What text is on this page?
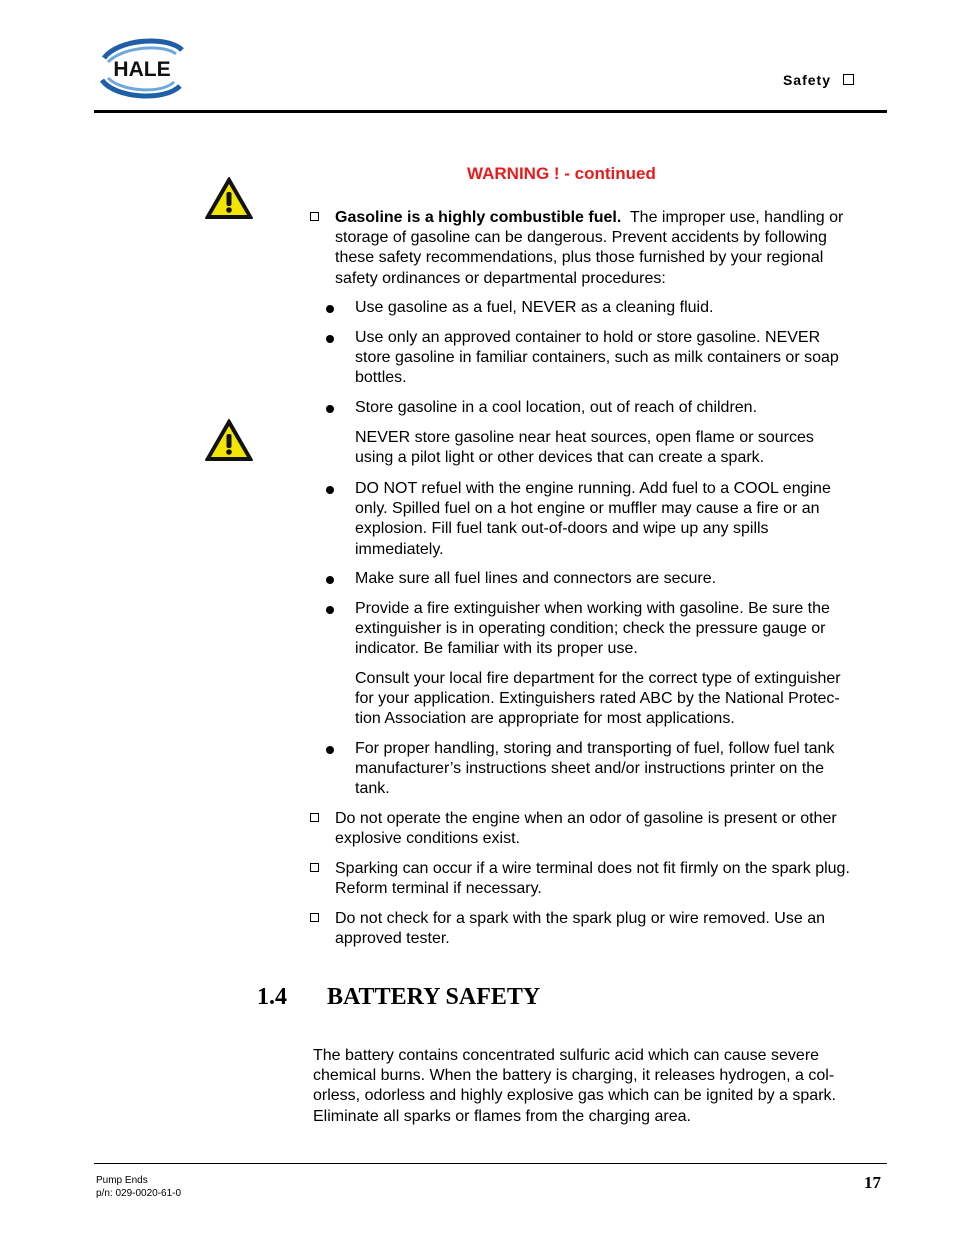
HALE	Safety
WARNING ! - continued
Gasoline is a highly combustible fuel. The improper use, handling or
storage of gasoline can be dangerous. Prevent accidents by following
these safety recommendations, plus those furnished by your regional
safety ordinances or departmental procedures:
Use gasoline as a fuel, NEVER as a cleaning fluid.
Use only an approved container to hold or store gasoline. NEVER
store gasoline in familiar containers, such as milk containers or soap
bottles.
Store gasoline in a cool location, out of reach of children.
NEVER store gasoline near heat sources, open flame or sources
using a pilot light or other devices that can create a spark.
DO NOT refuel with the engine running. Add fuel to a COOL engine
only. Spilled fuel on a hot engine or muffler may cause a fire or an
explosion. Fill fuel tank out-of-doors and wipe up any spills
immediately.
Make sure all fuel lines and connectors are secure.
Provide a fire extinguisher when working with gasoline. Be sure the
extinguisher is in operating condition; check the pressure gauge or
indicator. Be familiar with its proper use.
Consult your local fire department for the correct type of extinguisher
for your application. Extinguishers rated ABC by the National Protec-
tion Association are appropriate for most applications.
For proper handling, storing and transporting of fuel, follow fuel tank
manufacturer’s instructions sheet and/or instructions printer on the
tank.
Do not operate the engine when an odor of gasoline is present or other
explosive conditions exist.
Sparking can occur if a wire terminal does not fit firmly on the spark plug.
Reform terminal if necessary.
Do not check for a spark with the spark plug or wire removed. Use an
approved tester.
1.4 BATTERY SAFETY
The battery contains concentrated sulfuric acid which can cause severe
chemical burns. When the battery is charging, it releases hydrogen, a col-
orless, odorless and highly explosive gas which can be ignited by a spark.
Eliminate all sparks or flames from the charging area.
Pump Ends
p/n: 029-0020-61-0
17
